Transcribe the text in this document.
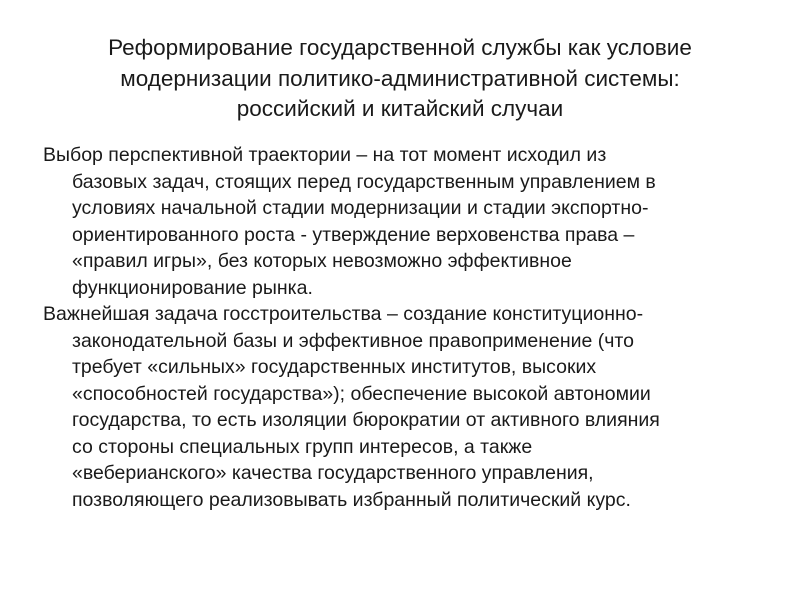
Реформирование государственной службы как условие
модернизации политико-административной системы:
российский и китайский случаи
Выбор перспективной траектории – на тот момент исходил из
базовых задач, стоящих перед государственным управлением в
условиях начальной стадии модернизации и стадии экспортно-
ориентированного роста - утверждение верховенства права –
«правил игры», без которых невозможно эффективное
функционирование рынка.
Важнейшая задача госстроительства – создание конституционно-
законодательной базы и эффективное правоприменение (что
требует «сильных» государственных институтов, высоких
«способностей государства»); обеспечение высокой автономии
государства, то есть изоляции бюрократии от активного влияния
со стороны специальных групп интересов, а также
«веберианского» качества государственного управления,
позволяющего реализовывать избранный политический курс.
